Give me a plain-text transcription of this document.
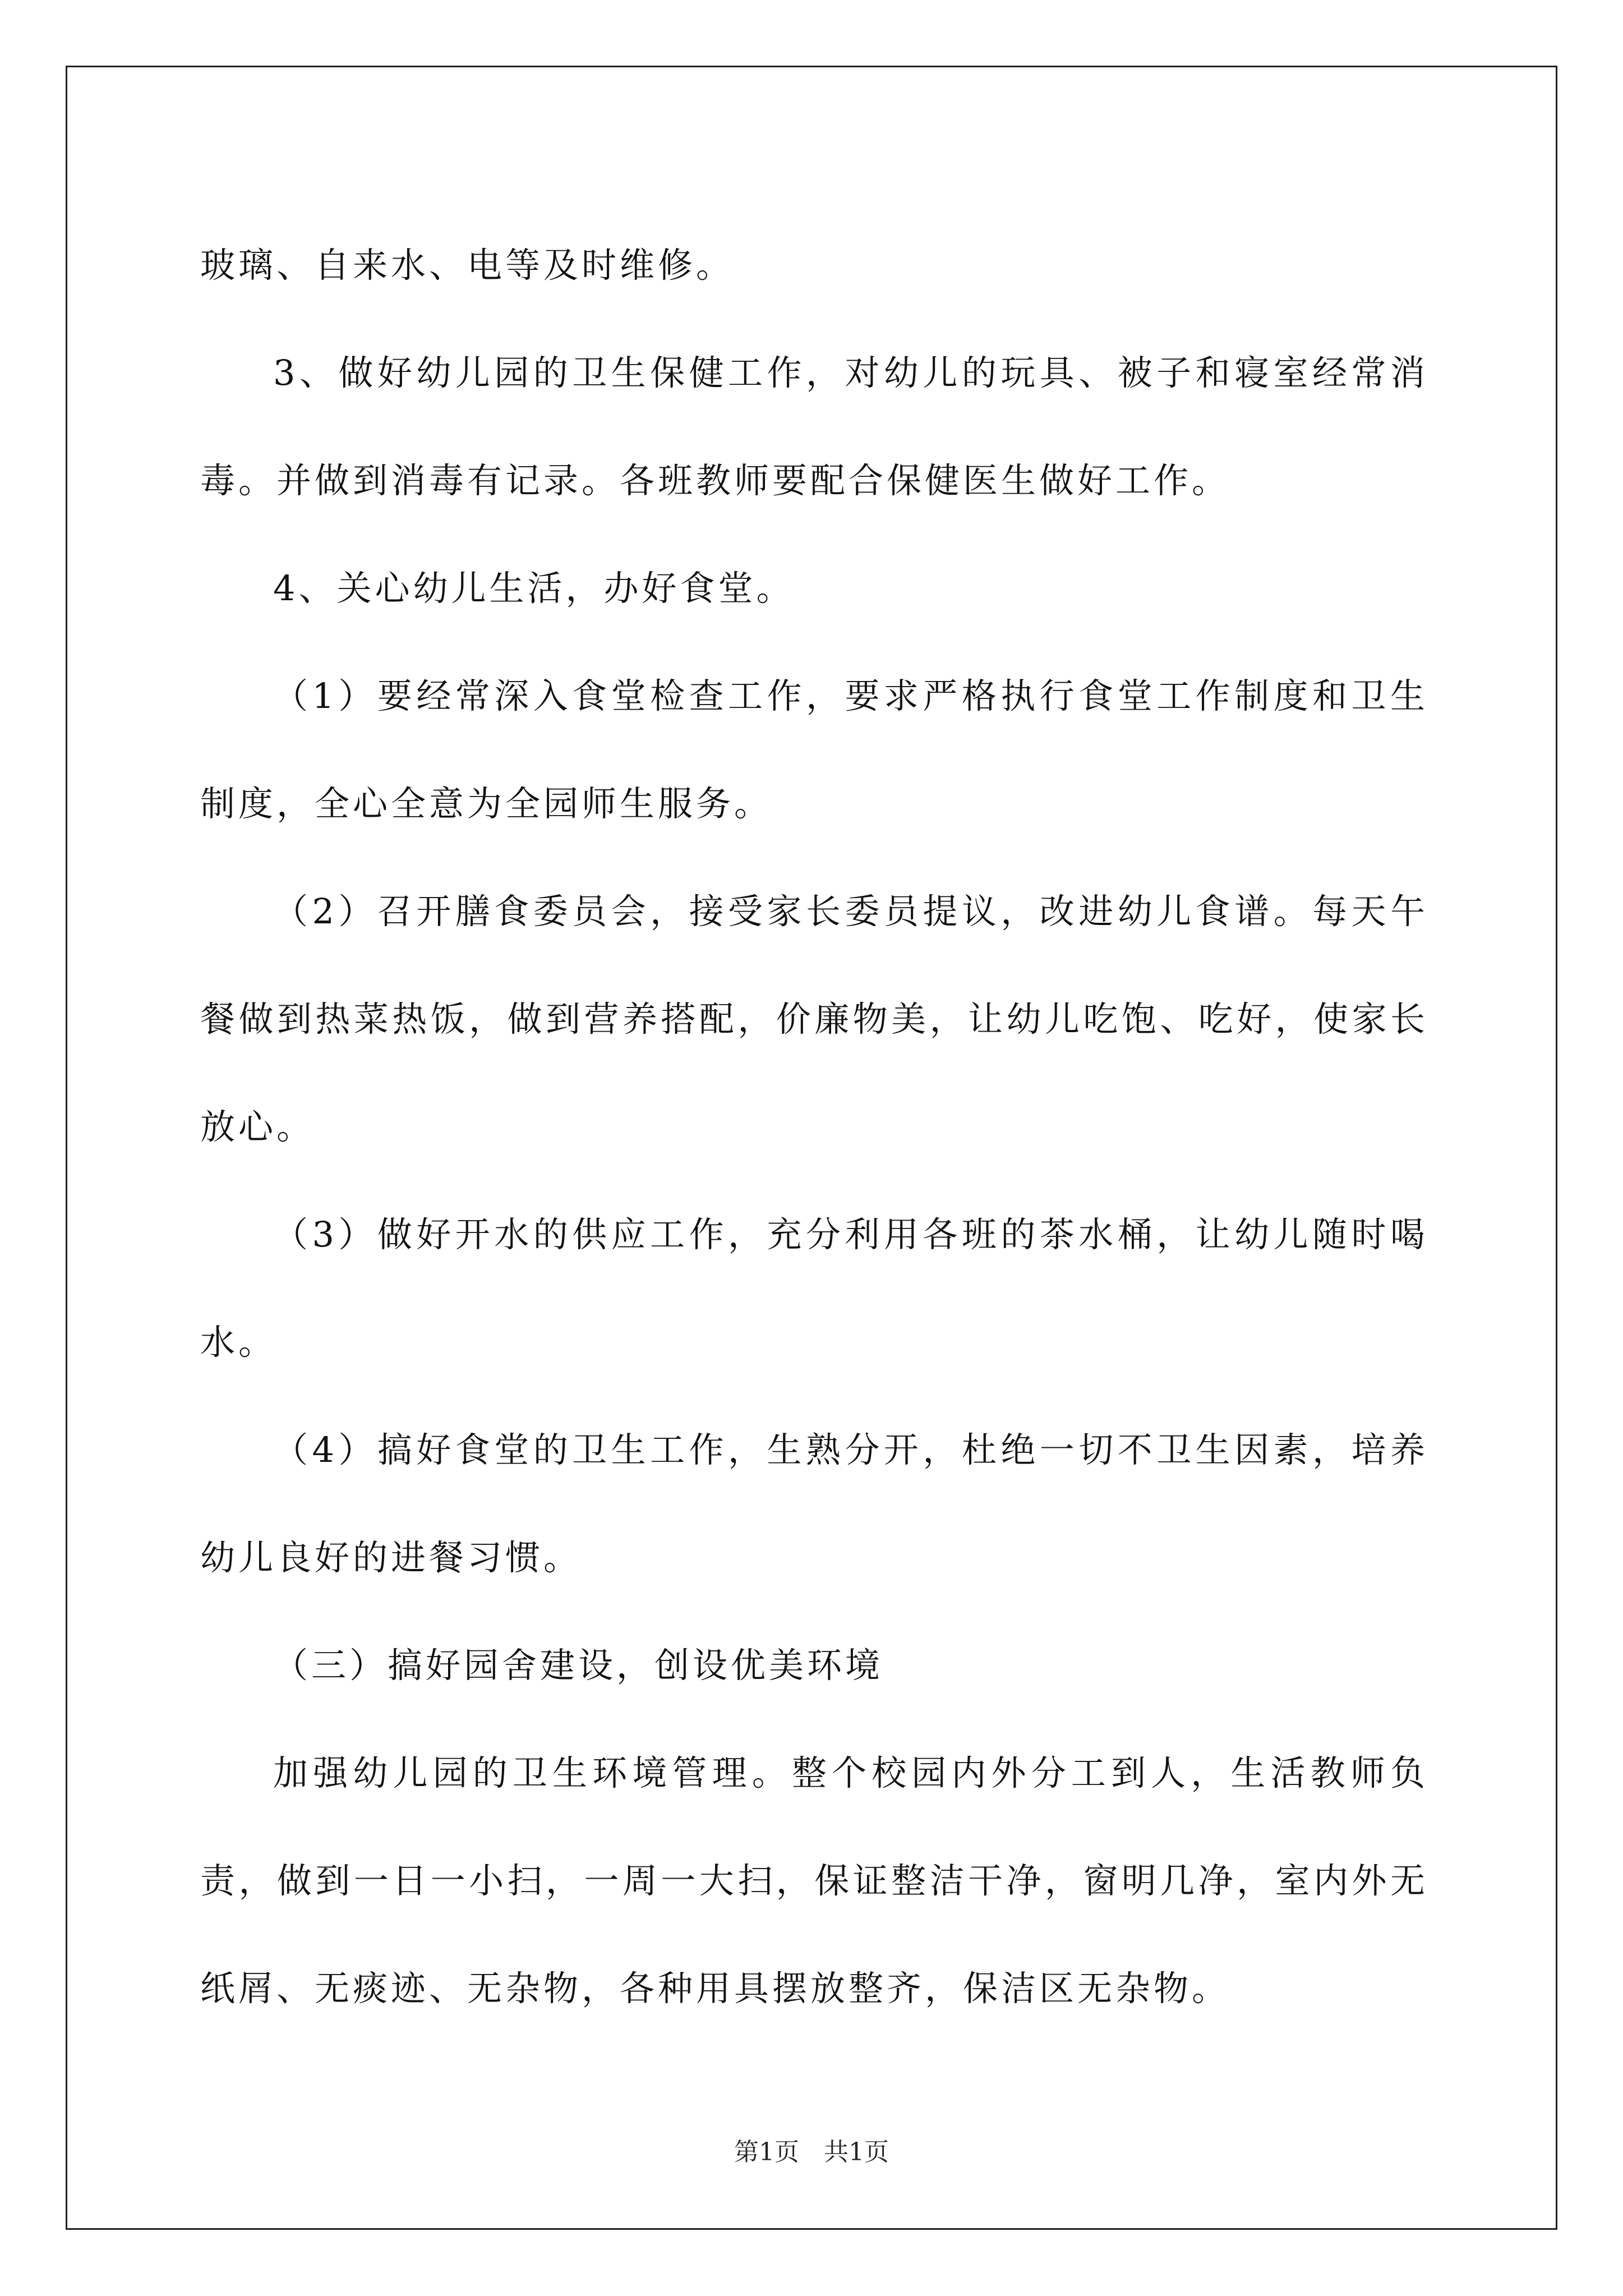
玻璃、自来水、电等及时维修。

3、做好幼儿园的卫生保健工作，对幼儿的玩具、被子和寝室经常消毒。并做到消毒有记录。各班教师要配合保健医生做好工作。

4、关心幼儿生活，办好食堂。

（1）要经常深入食堂检查工作，要求严格执行食堂工作制度和卫生制度，全心全意为全园师生服务。

（2）召开膳食委员会，接受家长委员提议，改进幼儿食谱。每天午餐做到热菜热饭，做到营养搭配，价廉物美，让幼儿吃饱、吃好，使家长放心。

（3）做好开水的供应工作，充分利用各班的茶水桶，让幼儿随时喝水。

（4）搞好食堂的卫生工作，生熟分开，杜绝一切不卫生因素，培养幼儿良好的进餐习惯。

（三）搞好园舍建设，创设优美环境

加强幼儿园的卫生环境管理。整个校园内外分工到人，生活教师负责，做到一日一小扫，一周一大扫，保证整洁干净，窗明几净，室内外无纸屑、无痰迹、无杂物，各种用具摆放整齐，保洁区无杂物。

第1页　共1页
